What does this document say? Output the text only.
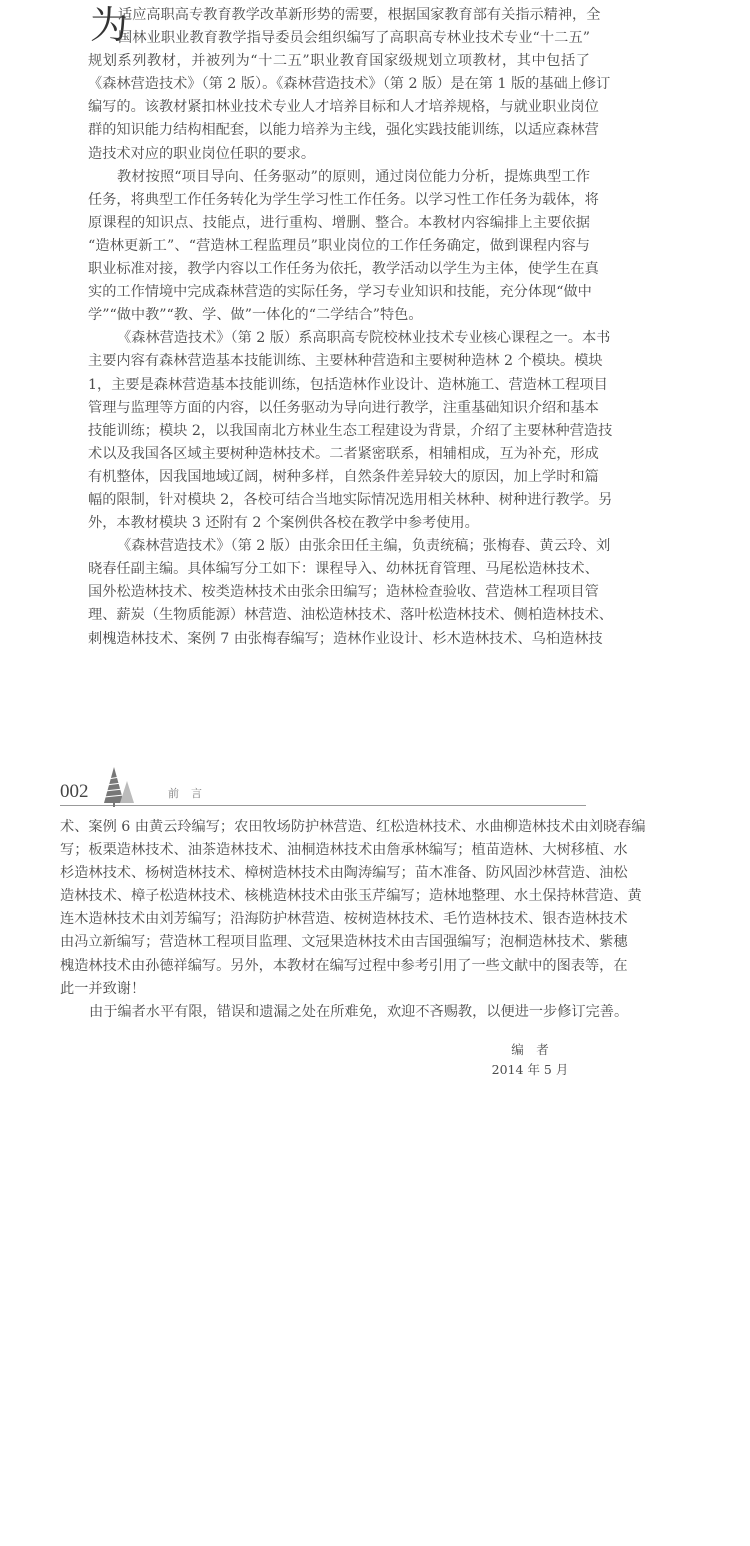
为
适应高职高专教育教学改革新形势的需要，根据国家教育部有关指示精神，全
国林业职业教育教学指导委员会组织编写了高职高专林业技术专业“十二五”
规划系列教材，并被列为“十二五”职业教育国家级规划立项教材，其中包括了
《森林营造技术》（第 2 版）。《森林营造技术》（第 2 版）是在第 1 版的基础上修订
编写的。该教材紧扣林业技术专业人才培养目标和人才培养规格，与就业职业岗位
群的知识能力结构相配套，以能力培养为主线，强化实践技能训练，以适应森林营
造技术对应的职业岗位任职的要求。
教材按照“项目导向、任务驱动”的原则，通过岗位能力分析，提炼典型工作
任务，将典型工作任务转化为学生学习性工作任务。以学习性工作任务为载体，将
原课程的知识点、技能点，进行重构、增删、整合。本教材内容编排上主要依据
“造林更新工”、“营造林工程监理员”职业岗位的工作任务确定，做到课程内容与
职业标准对接，教学内容以工作任务为依托，教学活动以学生为主体，使学生在真
实的工作情境中完成森林营造的实际任务，学习专业知识和技能，充分体现“做中
学”“做中教”“教、学、做”一体化的“二学结合”特色。
《森林营造技术》（第 2 版）系高职高专院校林业技术专业核心课程之一。本书
主要内容有森林营造基本技能训练、主要林种营造和主要树种造林 2 个模块。模块
1，主要是森林营造基本技能训练，包括造林作业设计、造林施工、营造林工程项目
管理与监理等方面的内容，以任务驱动为导向进行教学，注重基础知识介绍和基本
技能训练；模块 2，以我国南北方林业生态工程建设为背景，介绍了主要林种营造技
术以及我国各区域主要树种造林技术。二者紧密联系，相辅相成，互为补充，形成
有机整体，因我国地域辽阔，树种多样，自然条件差异较大的原因，加上学时和篇
幅的限制，针对模块 2，各校可结合当地实际情况选用相关林种、树种进行教学。另
外，本教材模块 3 还附有 2 个案例供各校在教学中参考使用。
《森林营造技术》（第 2 版）由张余田任主编，负责统稿；张梅春、黄云玲、刘
晓春任副主编。具体编写分工如下：课程导入、幼林抚育管理、马尾松造林技术、
国外松造林技术、桉类造林技术由张余田编写；造林检查验收、营造林工程项目管
理、薪炭（生物质能源）林营造、油松造林技术、落叶松造林技术、侧柏造林技术、
刺槐造林技术、案例 7 由张梅春编写；造林作业设计、杉木造林技术、乌桕造林技
002	前言
术、案例 6 由黄云玲编写；农田牧场防护林营造、红松造林技术、水曲柳造林技术由刘晓春编
写；板栗造林技术、油茶造林技术、油桐造林技术由詹承林编写；植苗造林、大树移植、水
杉造林技术、杨树造林技术、樟树造林技术由陶涛编写；苗木准备、防风固沙林营造、油松
造林技术、樟子松造林技术、核桃造林技术由张玉芹编写；造林地整理、水土保持林营造、黄
连木造林技术由刘芳编写；沿海防护林营造、桉树造林技术、毛竹造林技术、银杏造林技术
由冯立新编写；营造林工程项目监理、文冠果造林技术由吉国强编写；泡桐造林技术、紫穗
槐造林技术由孙德祥编写。另外，本教材在编写过程中参考引用了一些文献中的图表等，在
此一并致谢！
由于编者水平有限，错误和遗漏之处在所难免，欢迎不吝赐教，以便进一步修订完善。
编　者
2014 年 5 月
